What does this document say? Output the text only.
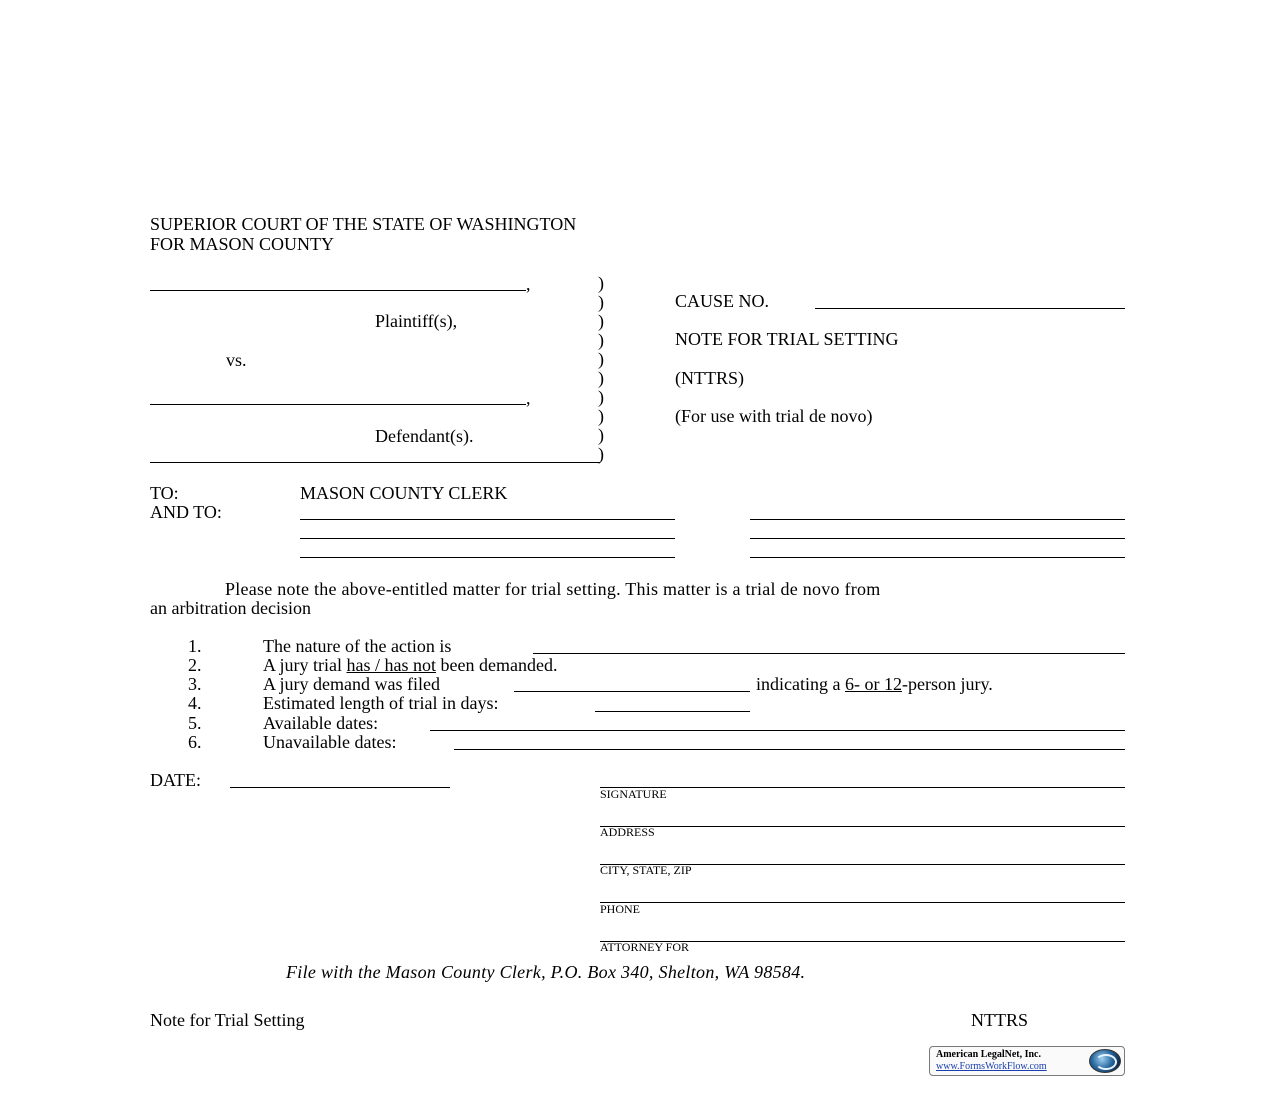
SUPERIOR COURT OF THE STATE OF WASHINGTON
FOR MASON COUNTY
,
Plaintiff(s),
vs.
,
Defendant(s).
)
)
)
)
)
)
)
)
)
)
CAUSE NO.
NOTE FOR TRIAL SETTING
(NTTRS)
(For use with trial de novo)
TO:	MASON COUNTY CLERK
AND TO:
Please note the above-entitled matter for trial setting. This matter is a trial de novo from
an arbitration decision
1.	The nature of the action is
2.	A jury trial has / has not been demanded.
3.	A jury demand was filed	indicating a 6- or 12-person jury.
4.	Estimated length of trial in days:
5.	Available dates:
6.	Unavailable dates:
DATE:
SIGNATURE
ADDRESS
CITY, STATE, ZIP
PHONE
ATTORNEY FOR
File with the Mason County Clerk, P.O. Box 340, Shelton, WA 98584.
Note for Trial Setting	NTTRS
American LegalNet, Inc.
www.FormsWorkFlow.com
